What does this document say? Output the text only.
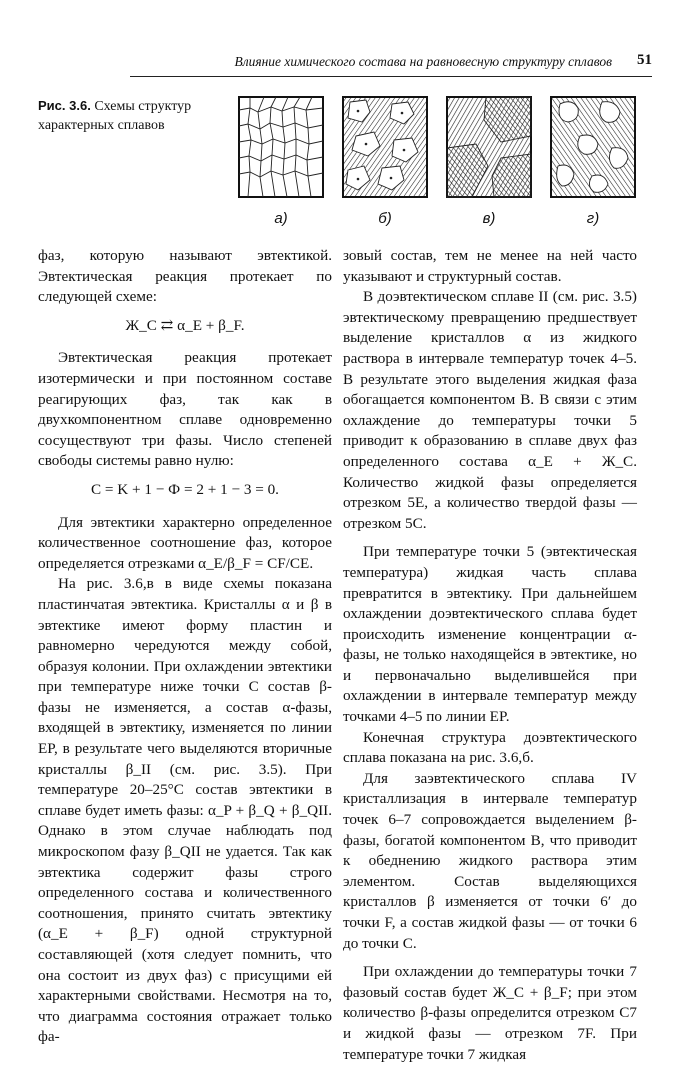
Влияние химического состава на равновесную структуру сплавов 51
Рис. 3.6. Схемы структур характерных сплавов
а)	б)	в)	г)

фаз, которую называют эвтектикой. Эвтектическая реакция протекает по следующей схеме:

Ж_C ⇄ α_E + β_F.

Эвтектическая реакция протекает изотермически и при постоянном составе реагирующих фаз, так как в двухкомпонентном сплаве одновременно сосуществуют три фазы. Число степеней свободы системы равно нулю:

C = K + 1 − Ф = 2 + 1 − 3 = 0.

Для эвтектики характерно определенное количественное соотношение фаз, которое определяется отрезками α_E/β_F = CF/CE.

На рис. 3.6,в в виде схемы показана пластинчатая эвтектика. Кристаллы α и β в эвтектике имеют форму пластин и равномерно чередуются между собой, образуя колонии. При охлаждении эвтектики при температуре ниже точки C состав β-фазы не изменяется, а состав α-фазы, входящей в эвтектику, изменяется по линии EP, в результате чего выделяются вторичные кристаллы β_II (см. рис. 3.5). При температуре 20–25°C состав эвтектики в сплаве будет иметь фазы: α_P + β_Q + β_QII. Однако в этом случае наблюдать под микроскопом фазу β_QII не удается. Так как эвтектика содержит фазы строго определенного состава и количественного соотношения, принято считать эвтектику (α_E + β_F) одной структурной составляющей (хотя следует помнить, что она состоит из двух фаз) с присущими ей характерными свойствами. Несмотря на то, что диаграмма состояния отражает только фа-

зовый состав, тем не менее на ней часто указывают и структурный состав.

В доэвтектическом сплаве II (см. рис. 3.5) эвтектическому превращению предшествует выделение кристаллов α из жидкого раствора в интервале температур точек 4–5. В результате этого выделения жидкая фаза обогащается компонентом B. В связи с этим охлаждение до температуры точки 5 приводит к образованию в сплаве двух фаз определенного состава α_E + Ж_C. Количество жидкой фазы определяется отрезком 5E, а количество твердой фазы — отрезком 5C.

При температуре точки 5 (эвтектическая температура) жидкая часть сплава превратится в эвтектику. При дальнейшем охлаждении доэвтектического сплава будет происходить изменение концентрации α-фазы, не только находящейся в эвтектике, но и первоначально выделившейся при охлаждении в интервале температур между точками 4–5 по линии EP.

Конечная структура доэвтектического сплава показана на рис. 3.6,б.

Для заэвтектического сплава IV кристаллизация в интервале температур точек 6–7 сопровождается выделением β-фазы, богатой компонентом B, что приводит к обеднению жидкого раствора этим элементом. Состав выделяющихся кристаллов β изменяется от точки 6′ до точки F, а состав жидкой фазы — от точки 6 до точки C.

При охлаждении до температуры точки 7 фазовый состав будет Ж_C + β_F; при этом количество β-фазы определится отрезком C7 и жидкой фазы — отрезком 7F. При температуре точки 7 жидкая
